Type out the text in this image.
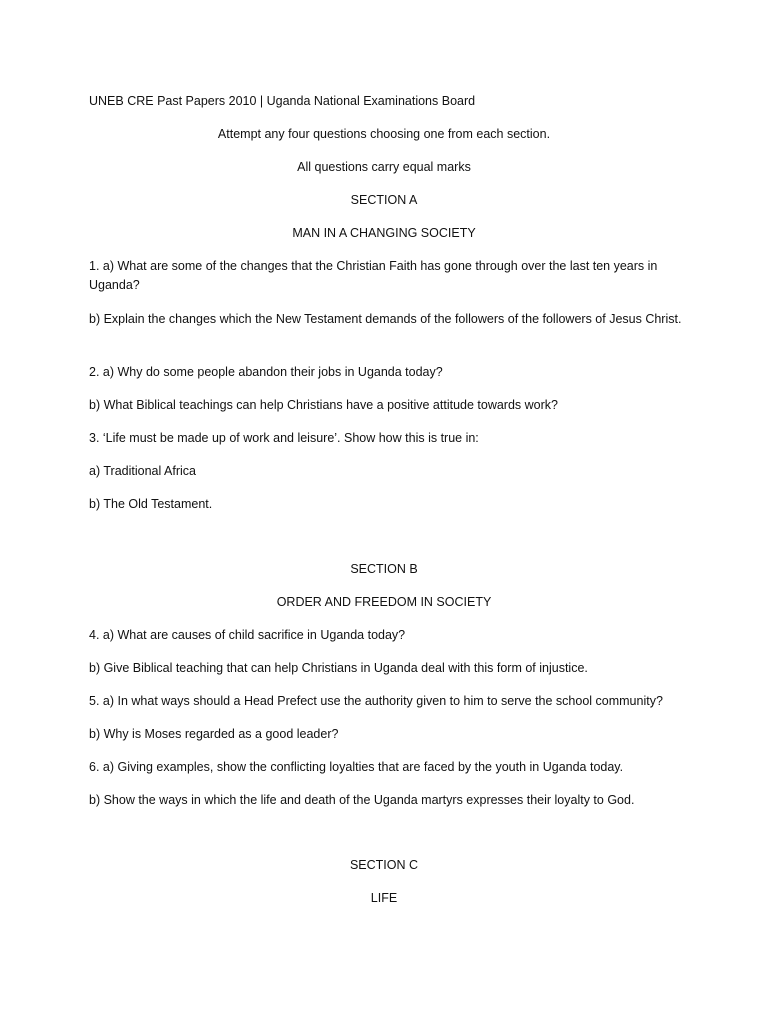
UNEB CRE Past Papers 2010 | Uganda National Examinations Board
Attempt any four questions choosing one from each section.
All questions carry equal marks
SECTION A
MAN IN A CHANGING SOCIETY
1. a) What are some of the changes that the Christian Faith has gone through over the last ten years in Uganda?
b) Explain the changes which the New Testament demands of the followers of the followers of Jesus Christ.
2. a) Why do some people abandon their jobs in Uganda today?
b) What Biblical teachings can help Christians have a positive attitude towards work?
3. ‘Life must be made up of work and leisure’. Show how this is true in:
a) Traditional Africa
b) The Old Testament.
SECTION B
ORDER AND FREEDOM IN SOCIETY
4. a) What are causes of child sacrifice in Uganda today?
b) Give Biblical teaching that can help Christians in Uganda deal with this form of injustice.
5. a) In what ways should a Head Prefect use the authority given to him to serve the school community?
b) Why is Moses regarded as a good leader?
6. a) Giving examples, show the conflicting loyalties that are faced by the youth in Uganda today.
b) Show the ways in which the life and death of the Uganda martyrs expresses their loyalty to God.
SECTION C
LIFE
